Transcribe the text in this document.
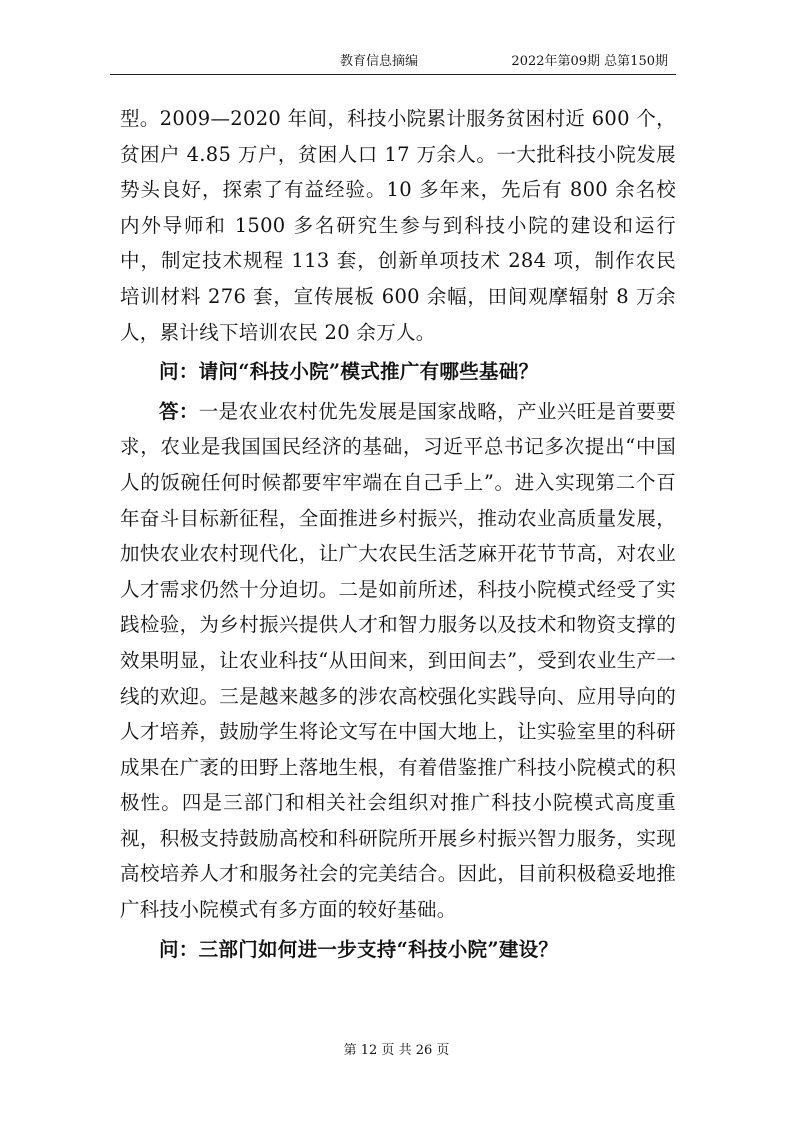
教育信息摘编	2022年第09期 总第150期

型。2009—2020 年间，科技小院累计服务贫困村近 600 个，贫困户 4.85 万户，贫困人口 17 万余人。一大批科技小院发展势头良好，探索了有益经验。10 多年来，先后有 800 余名校内外导师和 1500 多名研究生参与到科技小院的建设和运行中，制定技术规程 113 套，创新单项技术 284 项，制作农民培训材料 276 套，宣传展板 600 余幅，田间观摩辐射 8 万余人，累计线下培训农民 20 余万人。

问：请问“科技小院”模式推广有哪些基础？

答：一是农业农村优先发展是国家战略，产业兴旺是首要要求，农业是我国国民经济的基础，习近平总书记多次提出“中国人的饭碗任何时候都要牢牢端在自己手上”。进入实现第二个百年奋斗目标新征程，全面推进乡村振兴，推动农业高质量发展，加快农业农村现代化，让广大农民生活芝麻开花节节高，对农业人才需求仍然十分迫切。二是如前所述，科技小院模式经受了实践检验，为乡村振兴提供人才和智力服务以及技术和物资支撑的效果明显，让农业科技“从田间来，到田间去”，受到农业生产一线的欢迎。三是越来越多的涉农高校强化实践导向、应用导向的人才培养，鼓励学生将论文写在中国大地上，让实验室里的科研成果在广袤的田野上落地生根，有着借鉴推广科技小院模式的积极性。四是三部门和相关社会组织对推广科技小院模式高度重视，积极支持鼓励高校和科研院所开展乡村振兴智力服务，实现高校培养人才和服务社会的完美结合。因此，目前积极稳妥地推广科技小院模式有多方面的较好基础。

问：三部门如何进一步支持“科技小院”建设？

第 12 页 共 26 页
